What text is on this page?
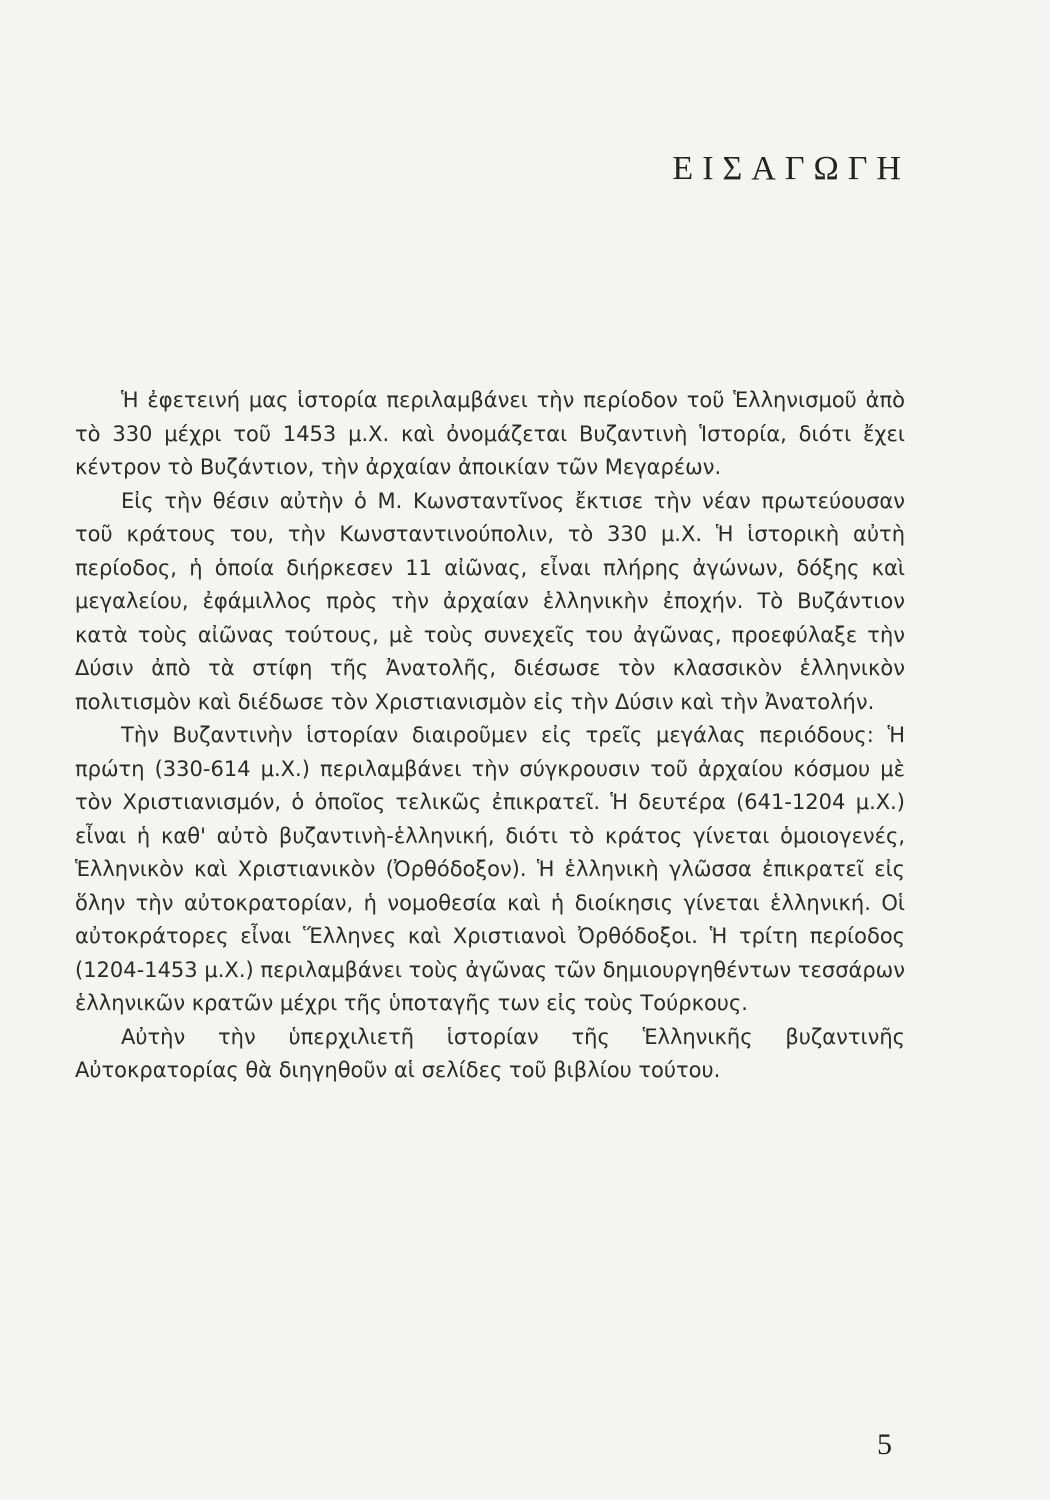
ΕΙΣΑΓΩΓΗ

Ἡ ἐφετεινή μας ἱστορία περιλαμβάνει τὴν περίοδον τοῦ Ἑλληνισμοῦ ἀπὸ τὸ 330 μέχρι τοῦ 1453 μ.Χ. καὶ ὀνομάζεται Βυζαντινὴ Ἱστορία, διότι ἔχει κέντρον τὸ Βυζάντιον, τὴν ἀρχαίαν ἀποικίαν τῶν Μεγαρέων.

Εἰς τὴν θέσιν αὐτὴν ὁ Μ. Κωνσταντῖνος ἔκτισε τὴν νέαν πρωτεύουσαν τοῦ κράτους του, τὴν Κωνσταντινούπολιν, τὸ 330 μ.Χ. Ἡ ἱστορικὴ αὐτὴ περίοδος, ἡ ὁποία διήρκεσεν 11 αἰῶνας, εἶναι πλήρης ἀγώνων, δόξης καὶ μεγαλείου, ἐφάμιλλος πρὸς τὴν ἀρχαίαν ἑλληνικὴν ἐποχήν. Τὸ Βυζάντιον κατὰ τοὺς αἰῶνας τούτους, μὲ τοὺς συνεχεῖς του ἀγῶνας, προεφύλαξε τὴν Δύσιν ἀπὸ τὰ στίφη τῆς Ἀνατολῆς, διέσωσε τὸν κλασσικὸν ἑλληνικὸν πολιτισμὸν καὶ διέδωσε τὸν Χριστιανισμὸν εἰς τὴν Δύσιν καὶ τὴν Ἀνατολήν.

Τὴν Βυζαντινὴν ἱστορίαν διαιροῦμεν εἰς τρεῖς μεγάλας περιόδους: Ἡ πρώτη (330-614 μ.Χ.) περιλαμβάνει τὴν σύγκρουσιν τοῦ ἀρχαίου κόσμου μὲ τὸν Χριστιανισμόν, ὁ ὁποῖος τελικῶς ἐπικρατεῖ. Ἡ δευτέρα (641-1204 μ.Χ.) εἶναι ἡ καθ' αὐτὸ βυζαντινὴ-ἑλληνική, διότι τὸ κράτος γίνεται ὁμοιογενές, Ἑλληνικὸν καὶ Χριστιανικὸν (Ὀρθόδοξον). Ἡ ἑλληνικὴ γλῶσσα ἐπικρατεῖ εἰς ὅλην τὴν αὐτοκρατορίαν, ἡ νομοθεσία καὶ ἡ διοίκησις γίνεται ἑλληνική. Οἱ αὐτοκράτορες εἶναι Ἕλληνες καὶ Χριστιανοὶ Ὀρθόδοξοι. Ἡ τρίτη περίοδος (1204-1453 μ.Χ.) περιλαμβάνει τοὺς ἀγῶνας τῶν δημιουργηθέντων τεσσάρων ἑλληνικῶν κρατῶν μέχρι τῆς ὑποταγῆς των εἰς τοὺς Τούρκους.

Αὐτὴν τὴν ὑπερχιλιετῆ ἱστορίαν τῆς Ἑλληνικῆς βυζαντινῆς Αὐτοκρατορίας θὰ διηγηθοῦν αἱ σελίδες τοῦ βιβλίου τούτου.

5
